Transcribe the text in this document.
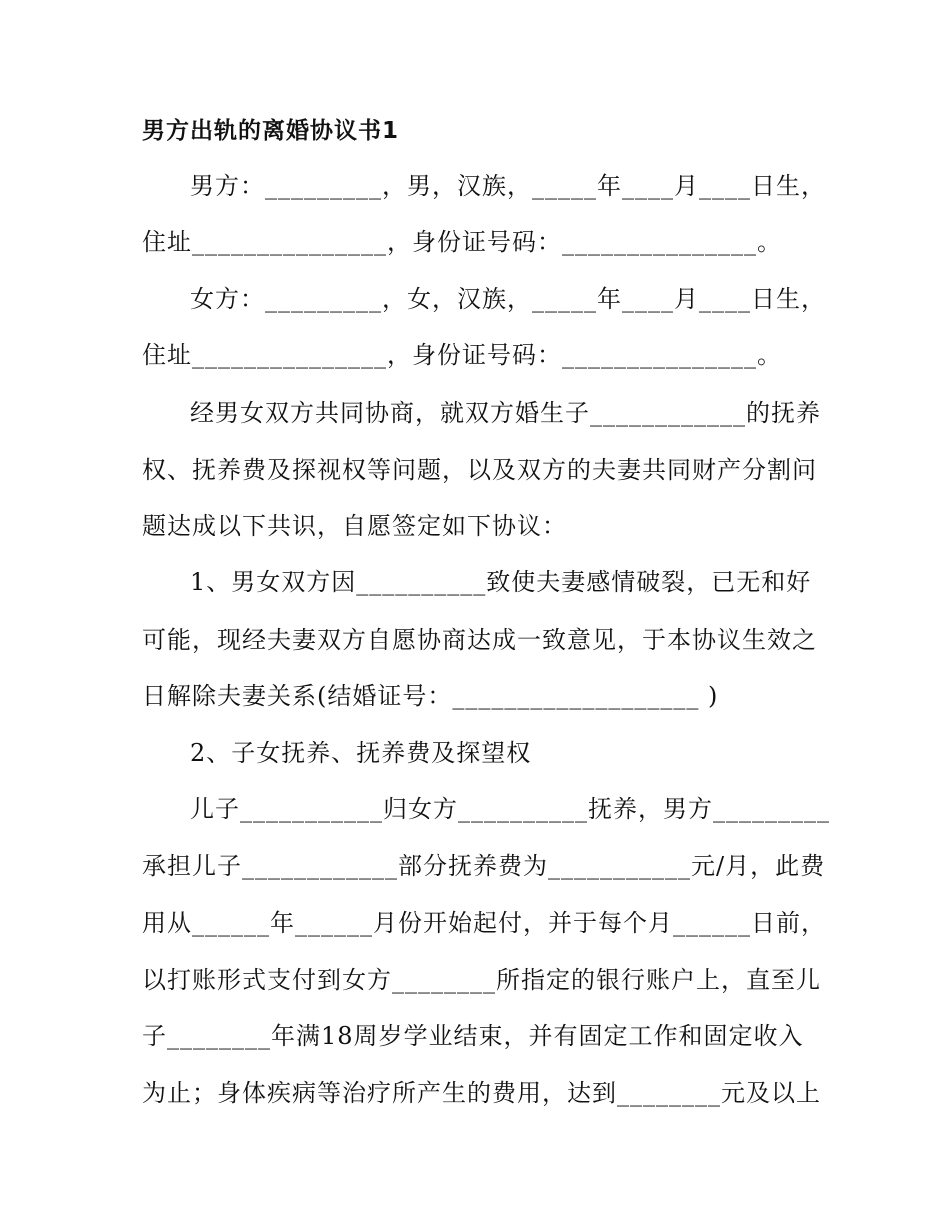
男方出轨的离婚协议书1
男方：_________，男，汉族，_____年____月____日生，
住址_______________，身份证号码：_______________。
女方：_________，女，汉族，_____年____月____日生，
住址_______________，身份证号码：_______________。
经男女双方共同协商，就双方婚生子____________的抚养
权、抚养费及探视权等问题，以及双方的夫妻共同财产分割问
题达成以下共识，自愿签定如下协议：
1、男女双方因__________致使夫妻感情破裂，已无和好
可能，现经夫妻双方自愿协商达成一致意见，于本协议生效之
日解除夫妻关系(结婚证号：___________________ )
2、子女抚养、抚养费及探望权
儿子___________归女方__________抚养，男方_________
承担儿子____________部分抚养费为___________元/月，此费
用从______年______月份开始起付，并于每个月______日前，
以打账形式支付到女方________所指定的银行账户上，直至儿
子________年满18周岁学业结束，并有固定工作和固定收入
为止；身体疾病等治疗所产生的费用，达到________元及以上
